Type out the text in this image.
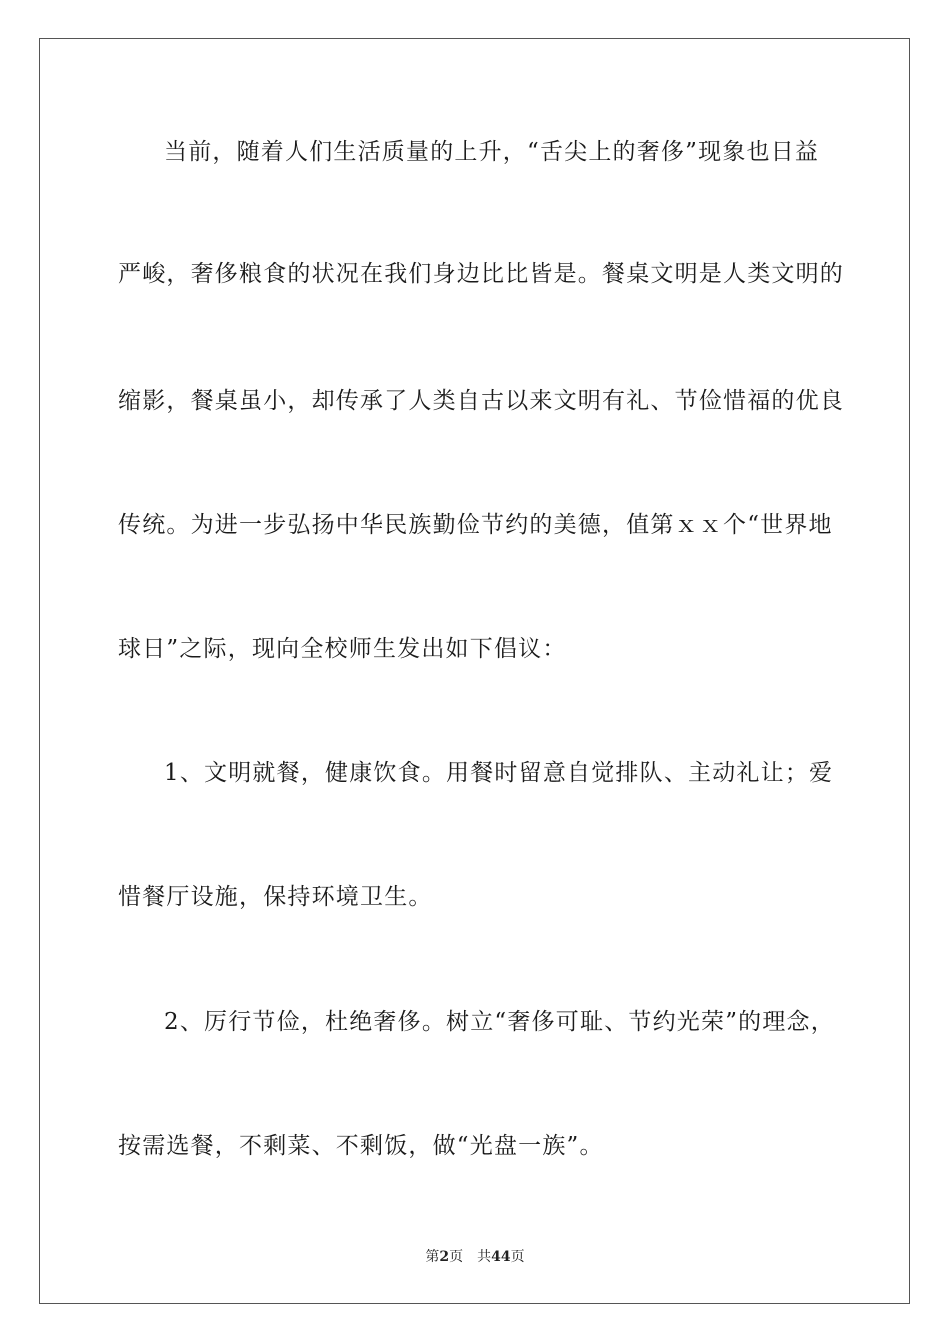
当前，随着人们生活质量的上升，“舌尖上的奢侈”现象也日益
严峻，奢侈粮食的状况在我们身边比比皆是。餐桌文明是人类文明的
缩影，餐桌虽小，却传承了人类自古以来文明有礼、节俭惜福的优良
传统。为进一步弘扬中华民族勤俭节约的美德，值第ｘｘ个“世界地
球日”之际，现向全校师生发出如下倡议：
1、文明就餐，健康饮食。用餐时留意自觉排队、主动礼让；爱
惜餐厅设施，保持环境卫生。
2、厉行节俭，杜绝奢侈。树立“奢侈可耻、节约光荣”的理念，
按需选餐，不剩菜、不剩饭，做“光盘一族”。
第2页 共44页
